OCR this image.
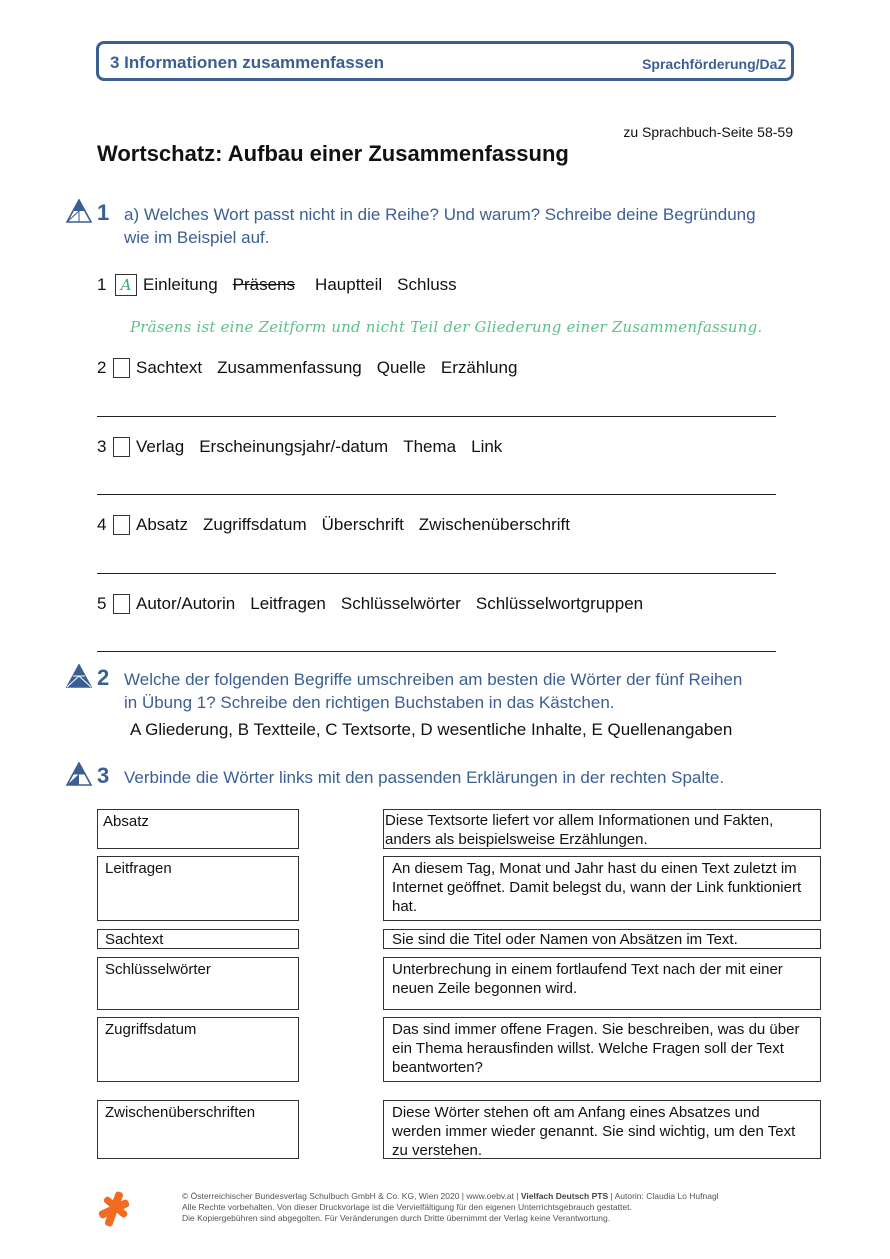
3 Informationen zusammenfassen	Sprachförderung/DaZ
zu Sprachbuch-Seite 58-59
Wortschatz: Aufbau einer Zusammenfassung
1 a) Welches Wort passt nicht in die Reihe? Und warum? Schreibe deine Begründung
wie im Beispiel auf.
1 A Einleitung Präsens Hauptteil Schluss
Präsens ist eine Zeitform und nicht Teil der Gliederung einer Zusammenfassung.
2 Sachtext Zusammenfassung Quelle Erzählung
3 Verlag Erscheinungsjahr/-datum Thema Link
4 Absatz Zugriffsdatum Überschrift Zwischenüberschrift
5 Autor/Autorin Leitfragen Schlüsselwörter Schlüsselwortgruppen
2 Welche der folgenden Begriffe umschreiben am besten die Wörter der fünf Reihen
in Übung 1? Schreibe den richtigen Buchstaben in das Kästchen.
A Gliederung, B Textteile, C Textsorte, D wesentliche Inhalte, E Quellenangaben
3 Verbinde die Wörter links mit den passenden Erklärungen in der rechten Spalte.
Absatz
Leitfragen
Sachtext
Schlüsselwörter
Zugriffsdatum
Zwischenüberschriften
Diese Textsorte liefert vor allem Informationen und Fakten, anders als beispielsweise Erzählungen.
An diesem Tag, Monat und Jahr hast du einen Text zuletzt im Internet geöffnet. Damit belegst du, wann der Link funktioniert hat.
Sie sind die Titel oder Namen von Absätzen im Text.
Unterbrechung in einem fortlaufend Text nach der mit einer neuen Zeile begonnen wird.
Das sind immer offene Fragen. Sie beschreiben, was du über ein Thema herausfinden willst. Welche Fragen soll der Text beantworten?
Diese Wörter stehen oft am Anfang eines Absatzes und werden immer wieder genannt. Sie sind wichtig, um den Text zu verstehen.
© Österreichischer Bundesverlag Schulbuch GmbH & Co. KG, Wien 2020 | www.oebv.at | Vielfach Deutsch PTS | Autorin: Claudia Lo Hufnagl
Alle Rechte vorbehalten. Von dieser Druckvorlage ist die Vervielfältigung für den eigenen Unterrichtsgebrauch gestattet.
Die Kopiergebühren sind abgegolten. Für Veränderungen durch Dritte übernimmt der Verlag keine Verantwortung.
